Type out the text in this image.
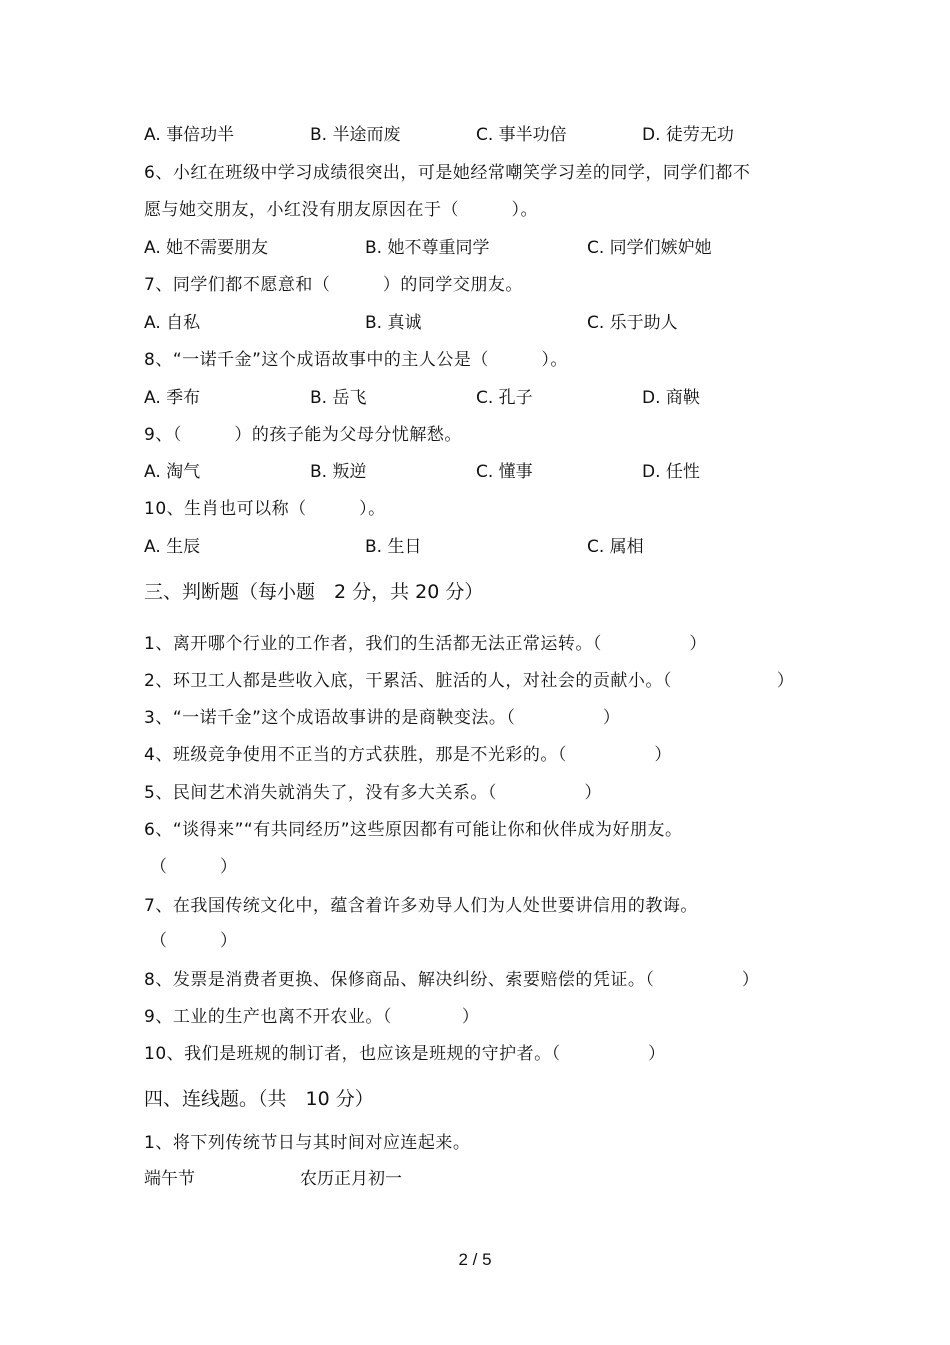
A. 事倍功半	B. 半途而废	C. 事半功倍	D. 徒劳无功
6、小红在班级中学习成绩很突出，可是她经常嘲笑学习差的同学，同学们都不
愿与她交朋友，小红没有朋友原因在于（　　　）。
A. 她不需要朋友	B. 她不尊重同学	C. 同学们嫉妒她
7、同学们都不愿意和（　　　）的同学交朋友。
A. 自私	B. 真诚	C. 乐于助人
8、“一诺千金”这个成语故事中的主人公是（　　　）。
A. 季布	B. 岳飞	C. 孔子	D. 商鞅
9、（　　　）的孩子能为父母分忧解愁。
A. 淘气	B. 叛逆	C. 懂事	D. 任性
10、生肖也可以称（　　　）。
A. 生辰	B. 生日	C. 属相
三、判断题（每小题　2 分，共 20 分）
1、离开哪个行业的工作者，我们的生活都无法正常运转。（　　　　　）
2、环卫工人都是些收入底，干累活、脏活的人，对社会的贡献小。（　　　　　　）
3、“一诺千金”这个成语故事讲的是商鞅变法。（　　　　　）
4、班级竞争使用不正当的方式获胜，那是不光彩的。（　　　　　）
5、民间艺术消失就消失了，没有多大关系。（　　　　　）
6、“谈得来”“有共同经历”这些原因都有可能让你和伙伴成为好朋友。
（　　　）
7、在我国传统文化中，蕴含着许多劝导人们为人处世要讲信用的教诲。
（　　　）
8、发票是消费者更换、保修商品、解决纠纷、索要赔偿的凭证。（　　　　　）
9、工业的生产也离不开农业。（　　　　）
10、我们是班规的制订者，也应该是班规的守护者。（　　　　　）
四、连线题。（共　10 分）
1、将下列传统节日与其时间对应连起来。
端午节	农历正月初一
2 / 5
